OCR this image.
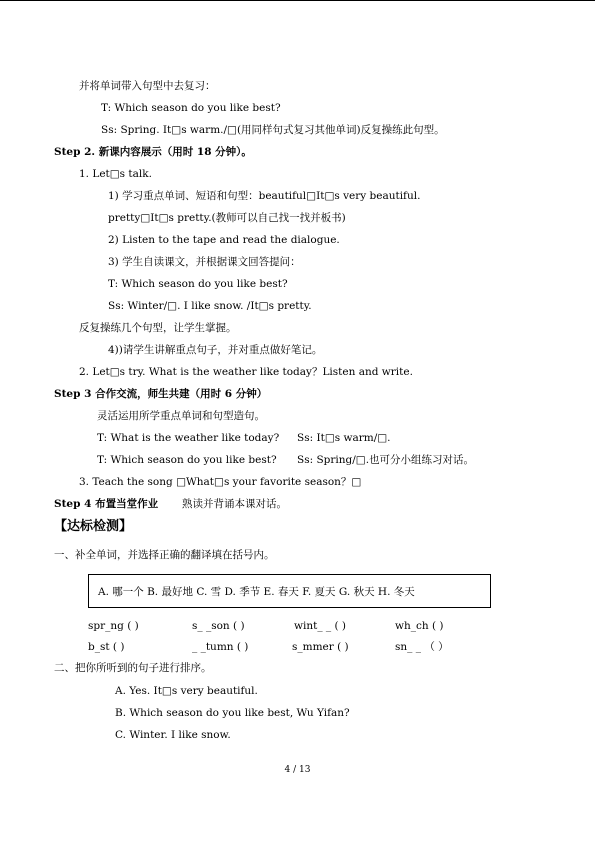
并将单词带入句型中去复习：
T: Which season do you like best?
Ss: Spring. It□s warm./□(用同样句式复习其他单词)反复操练此句型。
Step 2. 新课内容展示（用时 18 分钟）。
1. Let□s talk.
1) 学习重点单词、短语和句型：beautiful□It□s very beautiful.
pretty□It□s pretty.(教师可以自己找一找并板书)
2) Listen to the tape and read the dialogue.
3) 学生自读课文，并根据课文回答提问：
T: Which season do you like best?
Ss: Winter/□. I like snow. /It□s pretty.
反复操练几个句型，让学生掌握。
4))请学生讲解重点句子，并对重点做好笔记。
2. Let□s try. What is the weather like today？Listen and write.
Step 3 合作交流，师生共建（用时 6 分钟）
灵活运用所学重点单词和句型造句。
T: What is the weather like today? Ss: It□s warm/□.
T: Which season do you like best? Ss: Spring/□.也可分小组练习对话。
3. Teach the song □What□s your favorite season？□
Step 4 布置当堂作业 熟读并背诵本课对话。
【达标检测】
一、补全单词，并选择正确的翻译填在括号内。
A. 哪一个 B. 最好地 C. 雪 D. 季节 E. 春天 F. 夏天 G. 秋天 H. 冬天
spr_ng ( )	s_ _son ( )	wint_ _ ( )	wh_ch ( )
b_st ( )	_ _tumn ( )	s_mmer ( )	sn_ _ （ ）
二、把你所听到的句子进行排序。
A. Yes. It□s very beautiful.
B. Which season do you like best, Wu Yifan?
C. Winter. I like snow.
4 / 13
